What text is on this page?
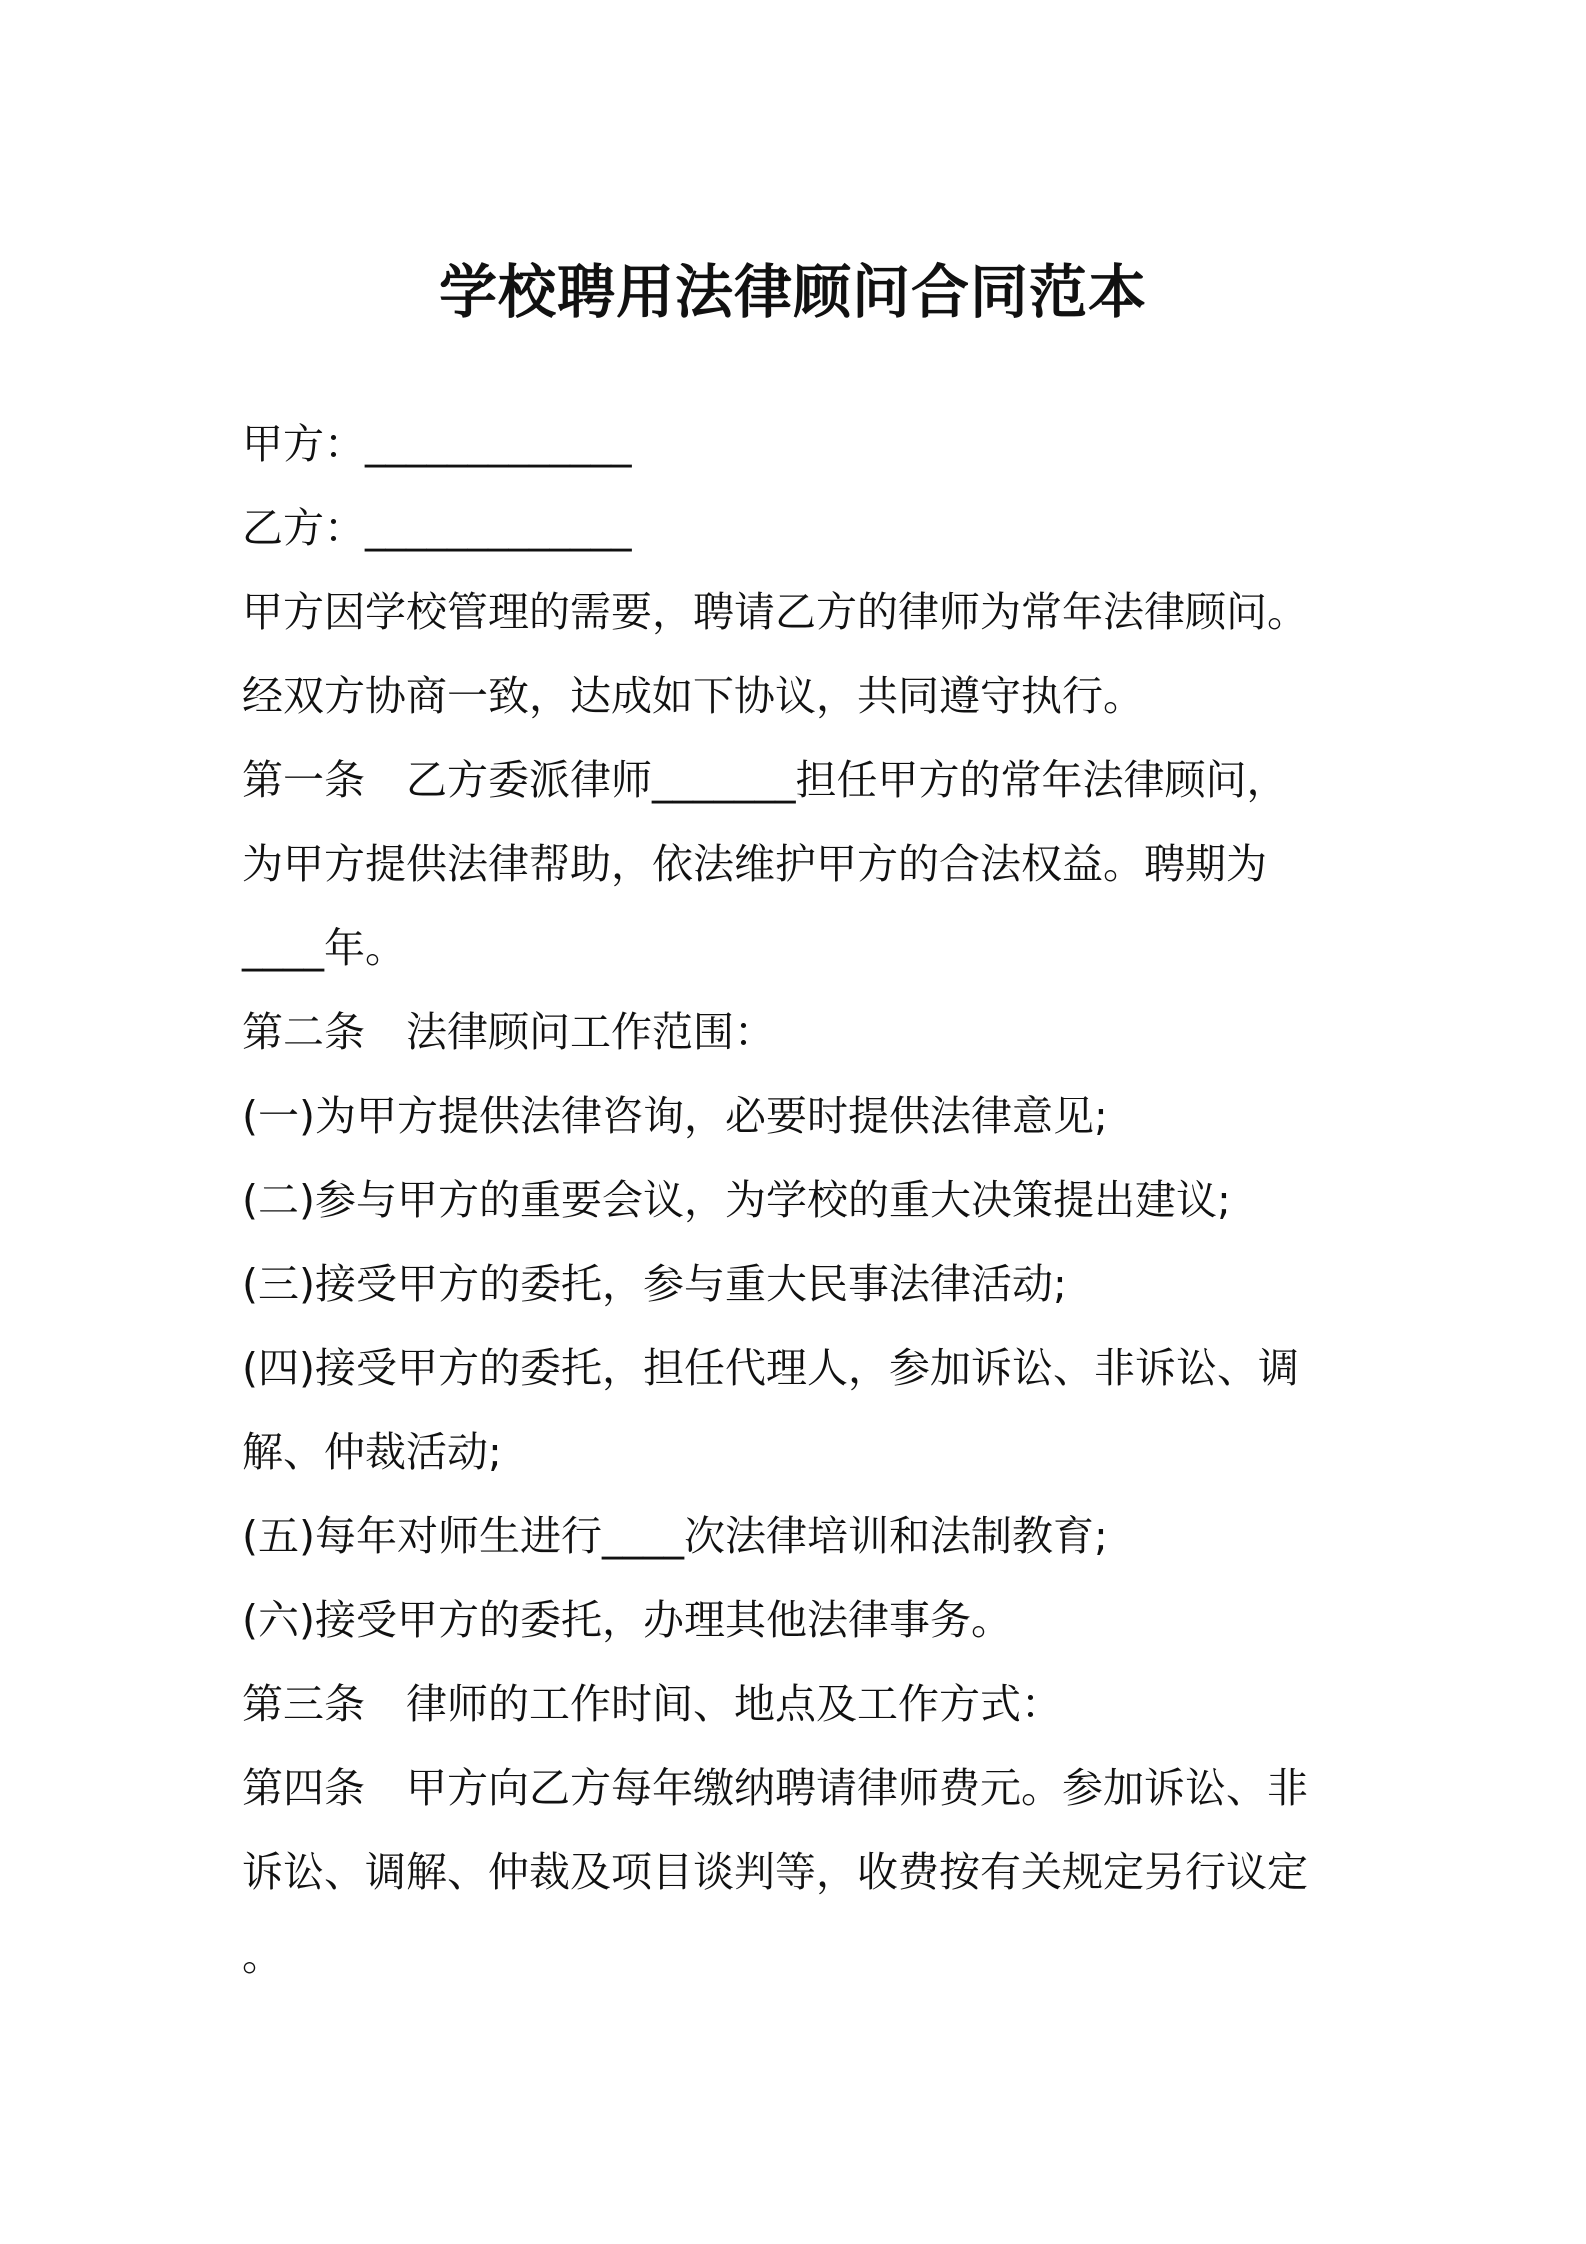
学校聘用法律顾问合同范本

甲方：_____________

乙方：_____________

甲方因学校管理的需要，聘请乙方的律师为常年法律顾问。

经双方协商一致，达成如下协议，共同遵守执行。

第一条　乙方委派律师_______担任甲方的常年法律顾问，

为甲方提供法律帮助，依法维护甲方的合法权益。聘期为

____年。

第二条　法律顾问工作范围：

(一)为甲方提供法律咨询，必要时提供法律意见;

(二)参与甲方的重要会议，为学校的重大决策提出建议;

(三)接受甲方的委托，参与重大民事法律活动;

(四)接受甲方的委托，担任代理人，参加诉讼、非诉讼、调

解、仲裁活动;

(五)每年对师生进行____次法律培训和法制教育;

(六)接受甲方的委托，办理其他法律事务。

第三条　律师的工作时间、地点及工作方式：

第四条　甲方向乙方每年缴纳聘请律师费元。参加诉讼、非

诉讼、调解、仲裁及项目谈判等，收费按有关规定另行议定

。
